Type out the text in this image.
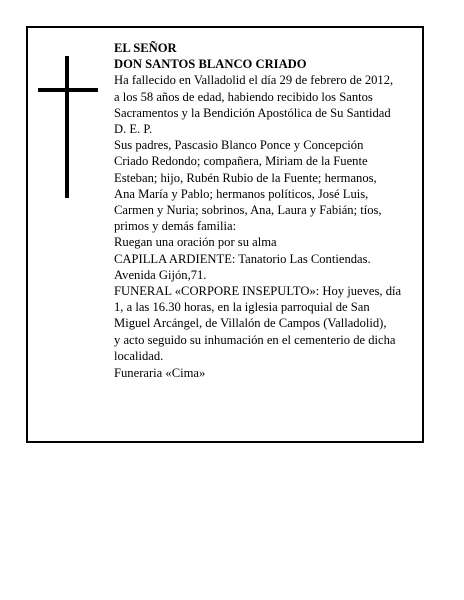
EL SEÑOR

DON SANTOS BLANCO CRIADO

Ha fallecido en Valladolid el día 29 de febrero de 2012,
a los 58 años de edad, habiendo recibido los Santos
Sacramentos y la Bendición Apostólica de Su Santidad
D. E. P.

Sus padres, Pascasio Blanco Ponce y Concepción
Criado Redondo; compañera, Miriam de la Fuente
Esteban; hijo, Rubén Rubio de la Fuente; hermanos,
Ana María y Pablo; hermanos políticos, José Luis,
Carmen y Nuria; sobrinos, Ana, Laura y Fabián; tíos,
primos y demás familia:

Ruegan una oración por su alma

CAPILLA ARDIENTE: Tanatorio Las Contiendas.
Avenida Gijón,71.

FUNERAL «CORPORE INSEPULTO»: Hoy jueves, día
1, a las 16.30 horas, en la iglesia parroquial de San
Miguel Arcángel, de Villalón de Campos (Valladolid),
y acto seguido su inhumación en el cementerio de dicha
localidad.

Funeraria «Cima»
